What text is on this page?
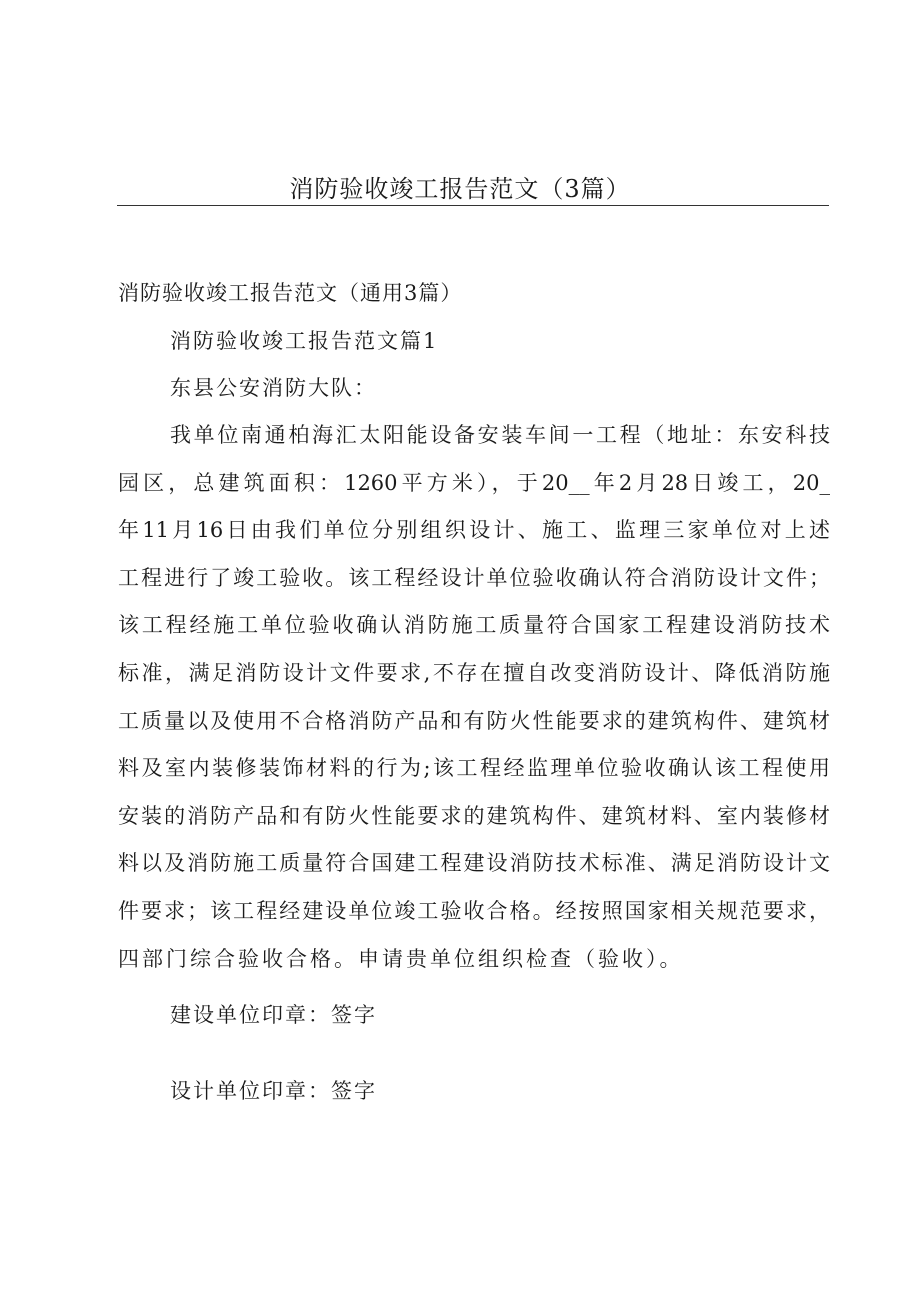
消防验收竣工报告范文（3篇）
消防验收竣工报告范文（通用3篇）
消防验收竣工报告范文篇1
东县公安消防大队：
我单位南通柏海汇太阳能设备安装车间一工程（地址：东安科技
园区，总建筑面积：1260平方米），于20__年2月28日竣工，20_
年11月16日由我们单位分别组织设计、施工、监理三家单位对上述
工程进行了竣工验收。该工程经设计单位验收确认符合消防设计文件；
该工程经施工单位验收确认消防施工质量符合国家工程建设消防技术
标准，满足消防设计文件要求,不存在擅自改变消防设计、降低消防施
工质量以及使用不合格消防产品和有防火性能要求的建筑构件、建筑材
料及室内装修装饰材料的行为;该工程经监理单位验收确认该工程使用
安装的消防产品和有防火性能要求的建筑构件、建筑材料、室内装修材
料以及消防施工质量符合国建工程建设消防技术标准、满足消防设计文
件要求；该工程经建设单位竣工验收合格。经按照国家相关规范要求，
四部门综合验收合格。申请贵单位组织检查（验收）。
建设单位印章：签字
设计单位印章：签字
